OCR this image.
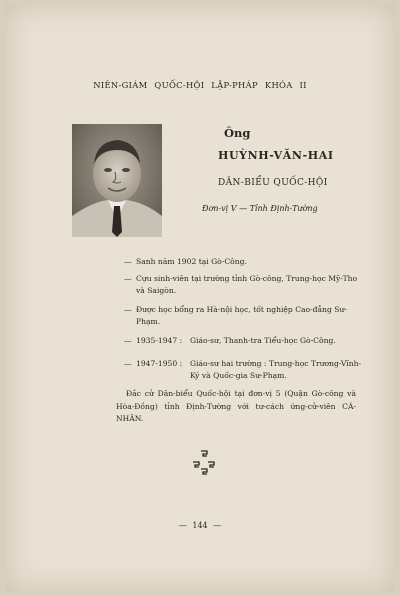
NIÊN-GIÁM QUỐC-HỘI LẬP-PHÁP KHÓA II
Ông
HUỲNH-VĂN-HAI
DÂN-BIỂU QUỐC-HỘI
Đơn-vị V — Tỉnh Định-Tường
— Sanh năm 1902 tại Gò-Công.
— Cựu sinh-viên tại trường tỉnh Gò-công, Trung-học Mỹ-Tho và Saigòn.
— Được học bổng ra Hà-nội học, tốt nghiệp Cao-đẳng Sư-Phạm.
— 1935-1947 : Giáo-sư, Thanh-tra Tiểu-học Gò-Công.
— 1947-1950 : Giáo-sư hai trường : Trung-học Trương-Vĩnh-Ký và Quốc-gia Sư-Phạm.
Đắc cử Dân-biểu Quốc-hội tại đơn-vị 5 (Quận Gò-công và Hòa-Đồng) tỉnh Định-Tường với tư-cách ứng-cử-viên CÁ-NHÂN.
— 144 —
